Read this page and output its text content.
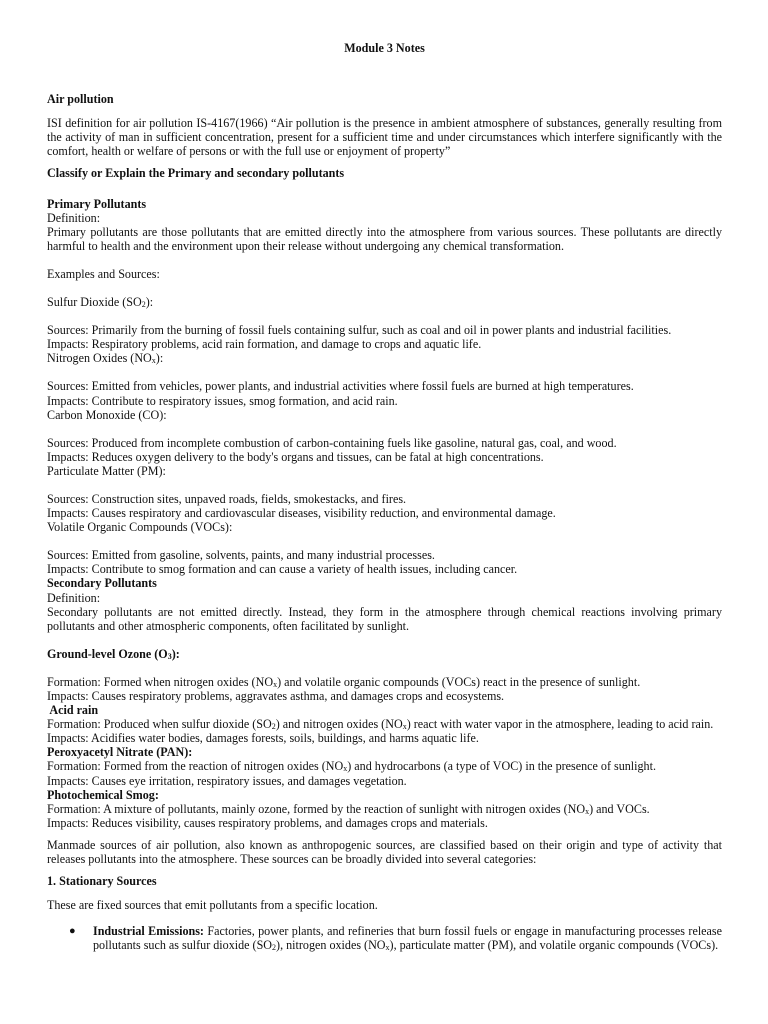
Module 3 Notes

Air pollution

ISI definition for air pollution IS-4167(1966) “Air pollution is the presence in ambient atmosphere of substances, generally resulting from the activity of man in sufficient concentration, present for a sufficient time and under circumstances which interfere significantly with the comfort, health or welfare of persons or with the full use or enjoyment of property”

Classify or Explain the Primary and secondary pollutants

Primary Pollutants

Definition:

Primary pollutants are those pollutants that are emitted directly into the atmosphere from various sources. These pollutants are directly harmful to health and the environment upon their release without undergoing any chemical transformation.

Examples and Sources:

Sulfur Dioxide $(SO_2)$:

Sources: Primarily from the burning of fossil fuels containing sulfur, such as coal and oil in power plants and industrial facilities.

Impacts: Respiratory problems, acid rain formation, and damage to crops and aquatic life.

Nitrogen Oxides $(NO_x)$:

Sources: Emitted from vehicles, power plants, and industrial activities where fossil fuels are burned at high temperatures.

Impacts: Contribute to respiratory issues, smog formation, and acid rain.

Carbon Monoxide (CO):

Sources: Produced from incomplete combustion of carbon-containing fuels like gasoline, natural gas, coal, and wood.

Impacts: Reduces oxygen delivery to the body's organs and tissues, can be fatal at high concentrations.

Particulate Matter (PM):

Sources: Construction sites, unpaved roads, fields, smokestacks, and fires.

Impacts: Causes respiratory and cardiovascular diseases, visibility reduction, and environmental damage.

Volatile Organic Compounds (VOCs):

Sources: Emitted from gasoline, solvents, paints, and many industrial processes.

Impacts: Contribute to smog formation and can cause a variety of health issues, including cancer.

Secondary Pollutants

Definition:

Secondary pollutants are not emitted directly. Instead, they form in the atmosphere through chemical reactions involving primary pollutants and other atmospheric components, often facilitated by sunlight.

Ground-level Ozone $(O_3)$:

Formation: Formed when nitrogen oxides $(NO_x)$ and volatile organic compounds (VOCs) react in the presence of sunlight.

Impacts: Causes respiratory problems, aggravates asthma, and damages crops and ecosystems.

Acid rain

Formation: Produced when sulfur dioxide $(SO_2)$ and nitrogen oxides $(NO_x)$ react with water vapor in the atmosphere, leading to acid rain.

Impacts: Acidifies water bodies, damages forests, soils, buildings, and harms aquatic life.

Peroxyacetyl Nitrate (PAN):

Formation: Formed from the reaction of nitrogen oxides $(NO_x)$ and hydrocarbons (a type of VOC) in the presence of sunlight.

Impacts: Causes eye irritation, respiratory issues, and damages vegetation.

Photochemical Smog:

Formation: A mixture of pollutants, mainly ozone, formed by the reaction of sunlight with nitrogen oxides $(NO_x)$ and VOCs.

Impacts: Reduces visibility, causes respiratory problems, and damages crops and materials.

Manmade sources of air pollution, also known as anthropogenic sources, are classified based on their origin and type of activity that releases pollutants into the atmosphere. These sources can be broadly divided into several categories:

1. Stationary Sources

These are fixed sources that emit pollutants from a specific location.

●	Industrial Emissions: Factories, power plants, and refineries that burn fossil fuels or engage in manufacturing processes release pollutants such as sulfur dioxide $(SO_2)$, nitrogen oxides $(NO_x)$, particulate matter (PM), and volatile organic compounds (VOCs).
